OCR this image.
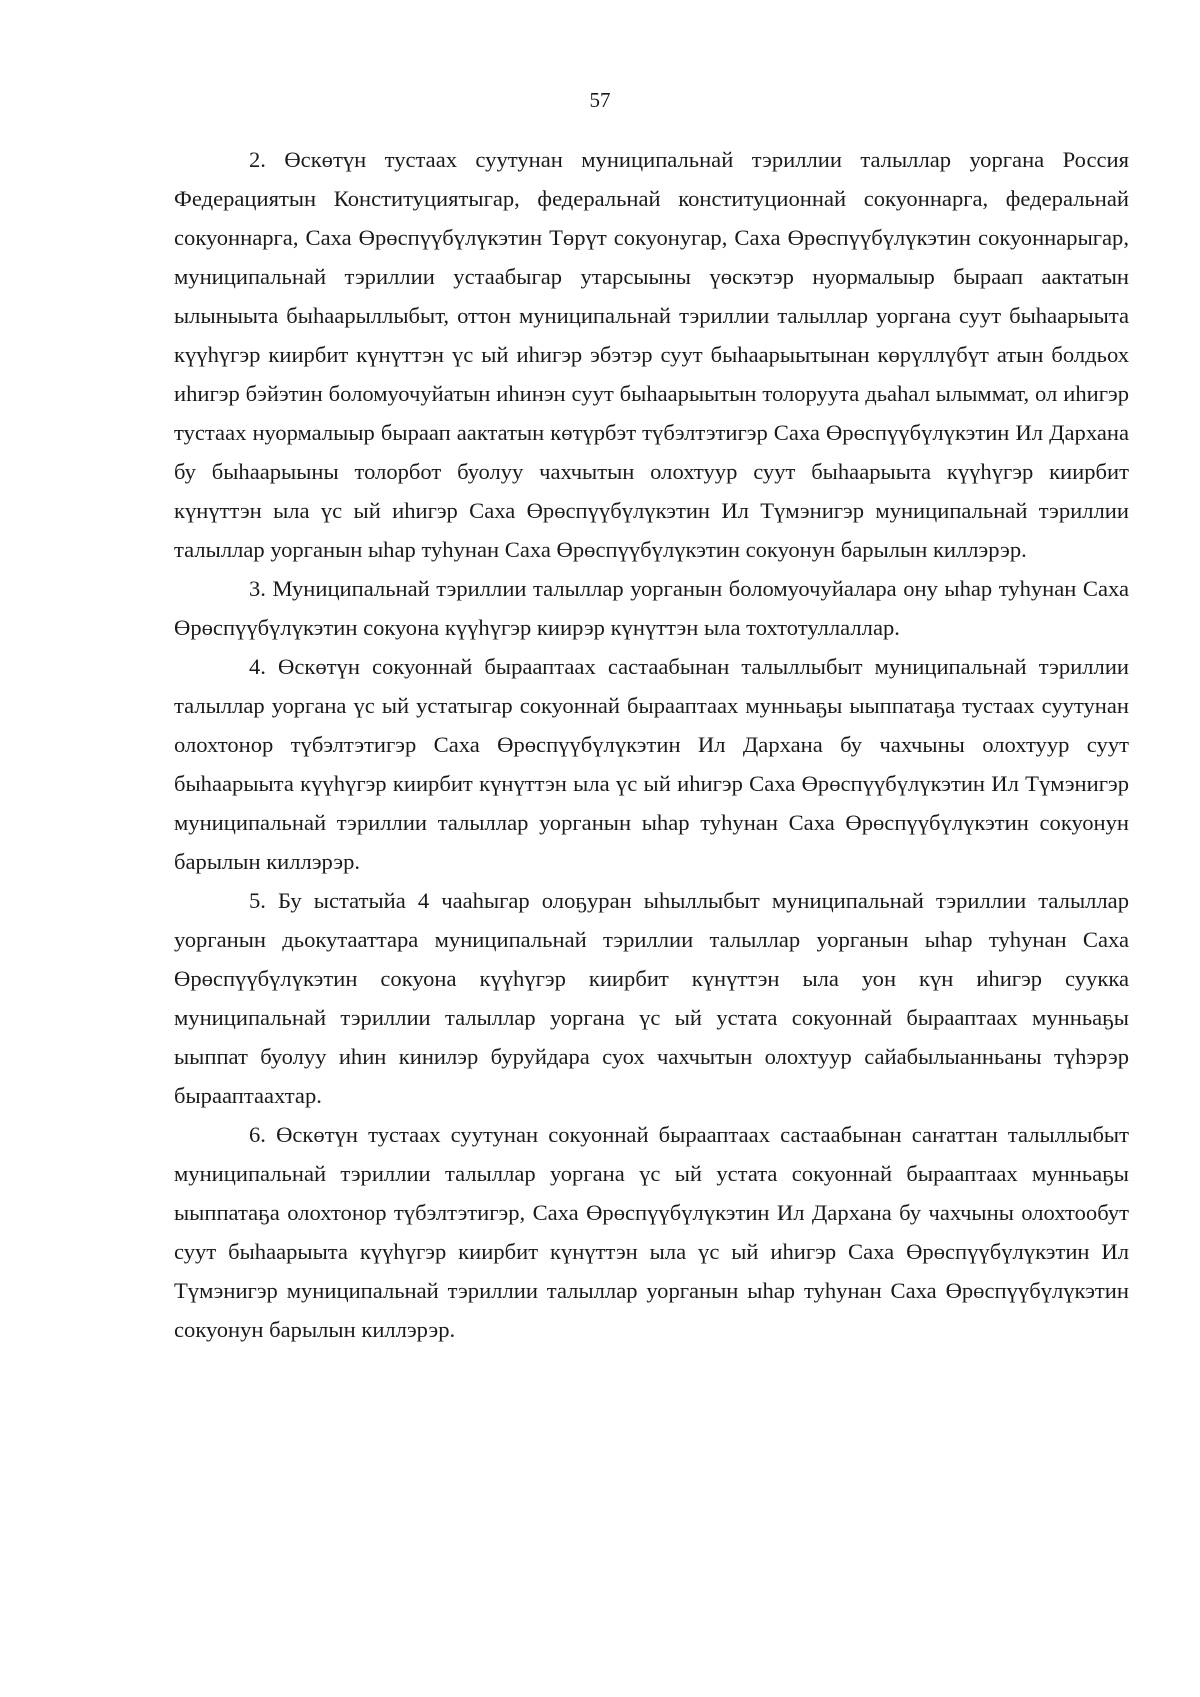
57

2. Өскөтүн тустаах суутунан муниципальнай тэриллии талыллар уоргана Россия Федерациятын Конституциятыгар, федеральнай конституционнай сокуоннарга, федеральнай сокуоннарга, Саха Өрөспүүбүлүкэтин Төрүт сокуонугар, Саха Өрөспүүбүлүкэтин сокуоннарыгар, муниципальнай тэриллии устаабыгар утарсыыны үөскэтэр нуормалыыр быраап аактатын ылыныыта быһаарыллыбыт, оттон муниципальнай тэриллии талыллар уоргана суут быһаарыыта күүһүгэр киирбит күнүттэн үс ый иһигэр эбэтэр суут быһаарыытынан көрүллүбүт атын болдьох иһигэр бэйэтин боломуочуйатын иһинэн суут быһаарыытын толоруута дьаһал ылыммат, ол иһигэр тустаах нуормалыыр быраап аактатын көтүрбэт түбэлтэтигэр Саха Өрөспүүбүлүкэтин Ил Дархана бу быһаарыыны толорбот буолуу чахчытын олохтуур суут быһаарыыта күүһүгэр киирбит күнүттэн ыла үс ый иһигэр Саха Өрөспүүбүлүкэтин Ил Түмэнигэр муниципальнай тэриллии талыллар уорганын ыһар туһунан Саха Өрөспүүбүлүкэтин сокуонун барылын киллэрэр.

3. Муниципальнай тэриллии талыллар уорганын боломуочуйалара ону ыһар туһунан Саха Өрөспүүбүлүкэтин сокуона күүһүгэр киирэр күнүттэн ыла тохтотуллаллар.

4. Өскөтүн сокуоннай бырааптаах састаабынан талыллыбыт муниципальнай тэриллии талыллар уоргана үс ый устатыгар сокуоннай бырааптаах мунньаҕы ыыппатаҕа тустаах суутунан олохтонор түбэлтэтигэр Саха Өрөспүүбүлүкэтин Ил Дархана бу чахчыны олохтуур суут быһаарыыта күүһүгэр киирбит күнүттэн ыла үс ый иһигэр Саха Өрөспүүбүлүкэтин Ил Түмэнигэр муниципальнай тэриллии талыллар уорганын ыһар туһунан Саха Өрөспүүбүлүкэтин сокуонун барылын киллэрэр.

5. Бу ыстатыйа 4 чааһыгар олоҕуран ыһыллыбыт муниципальнай тэриллии талыллар уорганын дьокутааттара муниципальнай тэриллии талыллар уорганын ыһар туһунан Саха Өрөспүүбүлүкэтин сокуона күүһүгэр киирбит күнүттэн ыла уон күн иһигэр суукка муниципальнай тэриллии талыллар уоргана үс ый устата сокуоннай бырааптаах мунньаҕы ыыппат буолуу иһин кинилэр буруйдара суох чахчытын олохтуур сайабылыанньаны түһэрэр бырааптаахтар.

6. Өскөтүн тустаах суутунан сокуоннай бырааптаах састаабынан саҥаттан талыллыбыт муниципальнай тэриллии талыллар уоргана үс ый устата сокуоннай бырааптаах мунньаҕы ыыппатаҕа олохтонор түбэлтэтигэр, Саха Өрөспүүбүлүкэтин Ил Дархана бу чахчыны олохтообут суут быһаарыыта күүһүгэр киирбит күнүттэн ыла үс ый иһигэр Саха Өрөспүүбүлүкэтин Ил Түмэнигэр муниципальнай тэриллии талыллар уорганын ыһар туһунан Саха Өрөспүүбүлүкэтин сокуонун барылын киллэрэр.
